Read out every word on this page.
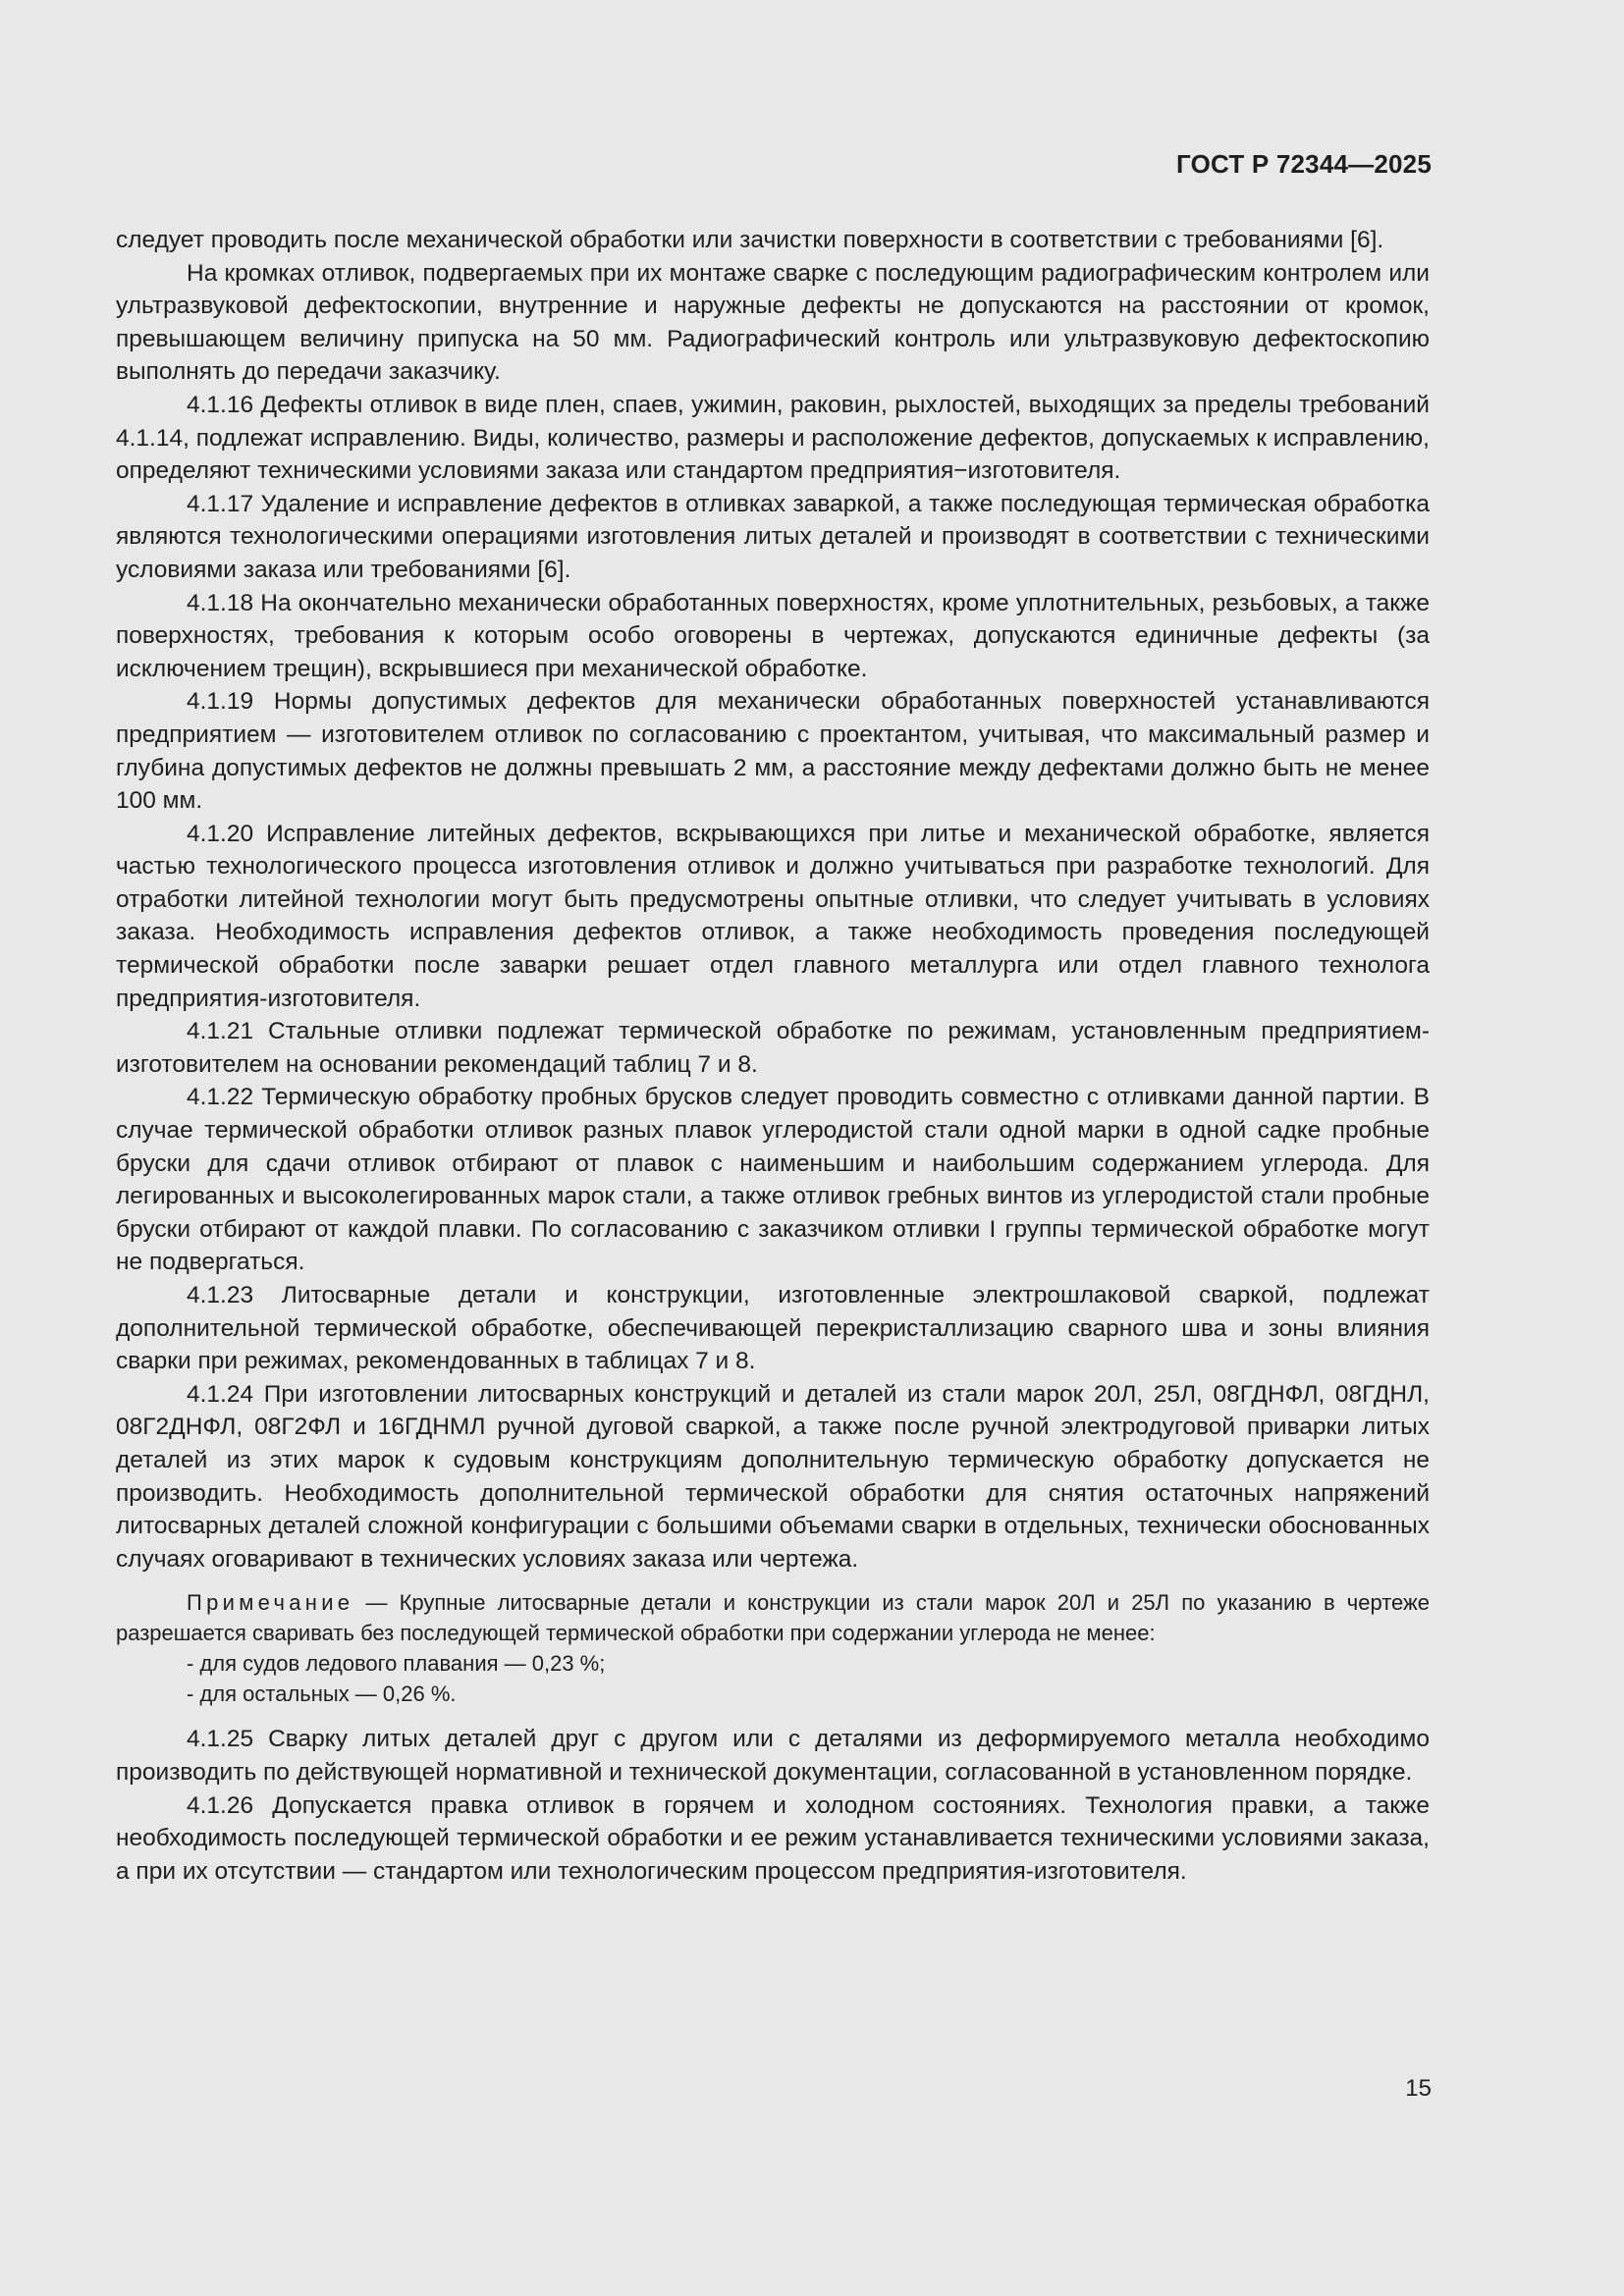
ГОСТ Р 72344—2025

следует проводить после механической обработки или зачистки поверхности в соответствии с требованиями [6].

На кромках отливок, подвергаемых при их монтаже сварке с последующим радиографическим контролем или ультразвуковой дефектоскопии, внутренние и наружные дефекты не допускаются на расстоянии от кромок, превышающем величину припуска на 50 мм. Радиографический контроль или ультразвуковую дефектоскопию выполнять до передачи заказчику.

4.1.16 Дефекты отливок в виде плен, спаев, ужимин, раковин, рыхлостей, выходящих за пределы требований 4.1.14, подлежат исправлению. Виды, количество, размеры и расположение дефектов, допускаемых к исправлению, определяют техническими условиями заказа или стандартом предприятия−изготовителя.

4.1.17 Удаление и исправление дефектов в отливках заваркой, а также последующая термическая обработка являются технологическими операциями изготовления литых деталей и производят в соответствии с техническими условиями заказа или требованиями [6].

4.1.18 На окончательно механически обработанных поверхностях, кроме уплотнительных, резьбовых, а также поверхностях, требования к которым особо оговорены в чертежах, допускаются единичные дефекты (за исключением трещин), вскрывшиеся при механической обработке.

4.1.19 Нормы допустимых дефектов для механически обработанных поверхностей устанавливаются предприятием — изготовителем отливок по согласованию с проектантом, учитывая, что максимальный размер и глубина допустимых дефектов не должны превышать 2 мм, а расстояние между дефектами должно быть не менее 100 мм.

4.1.20 Исправление литейных дефектов, вскрывающихся при литье и механической обработке, является частью технологического процесса изготовления отливок и должно учитываться при разработке технологий. Для отработки литейной технологии могут быть предусмотрены опытные отливки, что следует учитывать в условиях заказа. Необходимость исправления дефектов отливок, а также необходимость проведения последующей термической обработки после заварки решает отдел главного металлурга или отдел главного технолога предприятия-изготовителя.

4.1.21 Стальные отливки подлежат термической обработке по режимам, установленным предприятием-изготовителем на основании рекомендаций таблиц 7 и 8.

4.1.22 Термическую обработку пробных брусков следует проводить совместно с отливками данной партии. В случае термической обработки отливок разных плавок углеродистой стали одной марки в одной садке пробные бруски для сдачи отливок отбирают от плавок с наименьшим и наибольшим содержанием углерода. Для легированных и высоколегированных марок стали, а также отливок гребных винтов из углеродистой стали пробные бруски отбирают от каждой плавки. По согласованию с заказчиком отливки I группы термической обработке могут не подвергаться.

4.1.23 Литосварные детали и конструкции, изготовленные электрошлаковой сваркой, подлежат дополнительной термической обработке, обеспечивающей перекристаллизацию сварного шва и зоны влияния сварки при режимах, рекомендованных в таблицах 7 и 8.

4.1.24 При изготовлении литосварных конструкций и деталей из стали марок 20Л, 25Л, 08ГДНФЛ, 08ГДНЛ, 08Г2ДНФЛ, 08Г2ФЛ и 16ГДНМЛ ручной дуговой сваркой, а также после ручной электродуговой приварки литых деталей из этих марок к судовым конструкциям дополнительную термическую обработку допускается не производить. Необходимость дополнительной термической обработки для снятия остаточных напряжений литосварных деталей сложной конфигурации с большими объемами сварки в отдельных, технически обоснованных случаях оговаривают в технических условиях заказа или чертежа.

Примечание — Крупные литосварные детали и конструкции из стали марок 20Л и 25Л по указанию в чертеже разрешается сваривать без последующей термической обработки при содержании углерода не менее:

- для судов ледового плавания — 0,23 %;

- для остальных — 0,26 %.

4.1.25 Сварку литых деталей друг с другом или с деталями из деформируемого металла необходимо производить по действующей нормативной и технической документации, согласованной в установленном порядке.

4.1.26 Допускается правка отливок в горячем и холодном состояниях. Технология правки, а также необходимость последующей термической обработки и ее режим устанавливается техническими условиями заказа, а при их отсутствии — стандартом или технологическим процессом предприятия-изготовителя.

15
